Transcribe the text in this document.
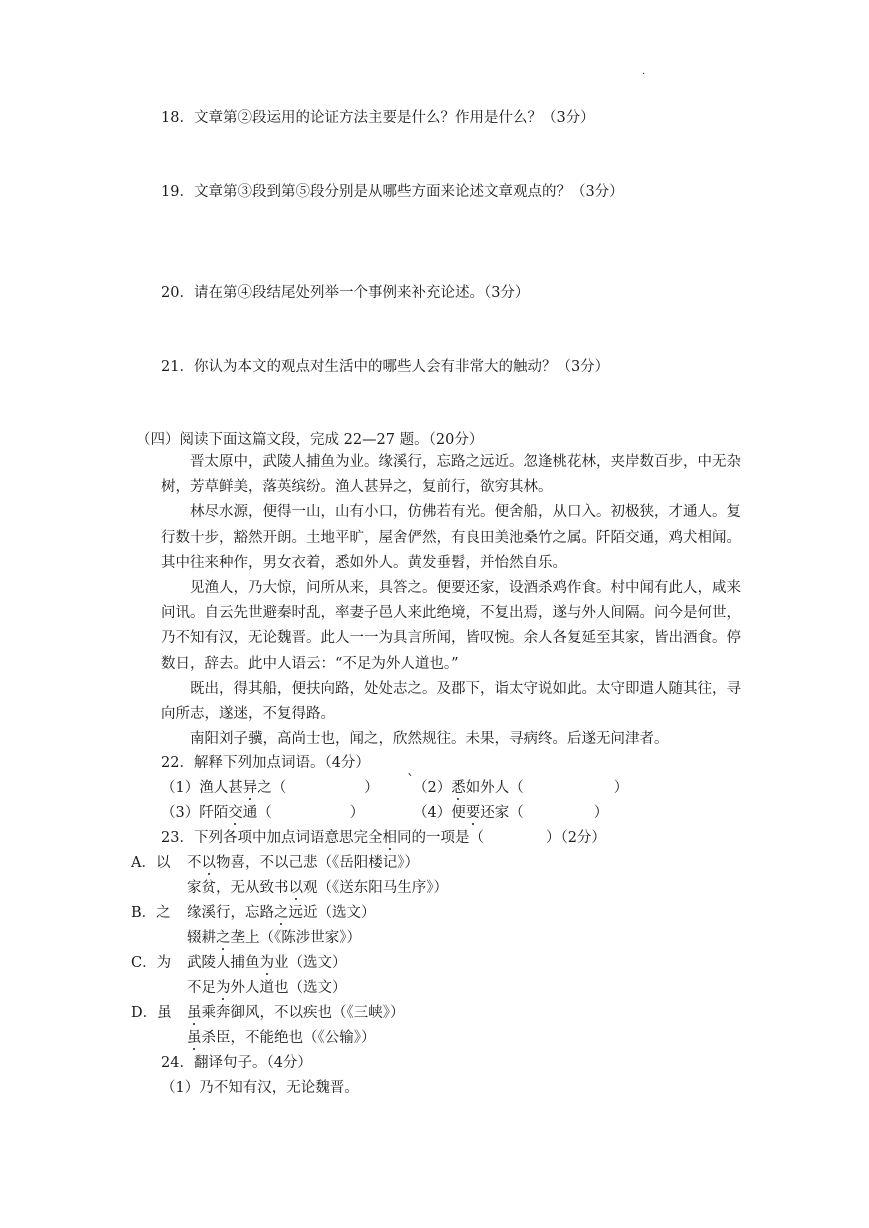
.
18．文章第②段运用的论证方法主要是什么？作用是什么？（3分）
19．文章第③段到第⑤段分别是从哪些方面来论述文章观点的？（3分）
20．请在第④段结尾处列举一个事例来补充论述。（3分）
21．你认为本文的观点对生活中的哪些人会有非常大的触动？（3分）
（四）阅读下面这篇文段，完成 22—27 题。（20分）

晋太原中，武陵人捕鱼为业。缘溪行，忘路之远近。忽逢桃花林，夹岸数百步，中无杂树，芳草鲜美，落英缤纷。渔人甚异之，复前行，欲穷其林。

林尽水源，便得一山，山有小口，仿佛若有光。便舍船，从口入。初极狭，才通人。复行数十步，豁然开朗。土地平旷，屋舍俨然，有良田美池桑竹之属。阡陌交通，鸡犬相闻。其中往来种作，男女衣着，悉如外人。黄发垂髫，并怡然自乐。

见渔人，乃大惊，问所从来，具答之。便要还家，设酒杀鸡作食。村中闻有此人，咸来问讯。自云先世避秦时乱，率妻子邑人来此绝境，不复出焉，遂与外人间隔。问今是何世，乃不知有汉，无论魏晋。此人一一为具言所闻，皆叹惋。余人各复延至其家，皆出酒食。停数日，辞去。此中人语云：“不足为外人道也。”

既出，得其船，便扶向路，处处志之。及郡下，诣太守说如此。太守即遣人随其往，寻向所志，遂迷，不复得路。

南阳刘子骥，高尚士也，闻之，欣然规往。未果，寻病终。后遂无问津者。

22．解释下列加点词语。（4分）
（1）渔人甚异之（	） `
（2）悉如外人（	）
（3）阡陌交通（	）	（4）便要还家（	）
23．下列各项中加点词语意思完全相同的一项是（	）（2分）
A．以 不以物喜，不以己悲（《岳阳楼记》）
家贫，无从致书以观（《送东阳马生序》）
B．之 缘溪行，忘路之远近（选文）
辍耕之垄上（《陈涉世家》）
C．为 武陵人捕鱼为业（选文）
不足为外人道也（选文）
D．虽 虽乘奔御风，不以疾也（《三峡》）
虽杀臣，不能绝也（《公输》）
24．翻译句子。（4分）
（1）乃不知有汉，无论魏晋。
